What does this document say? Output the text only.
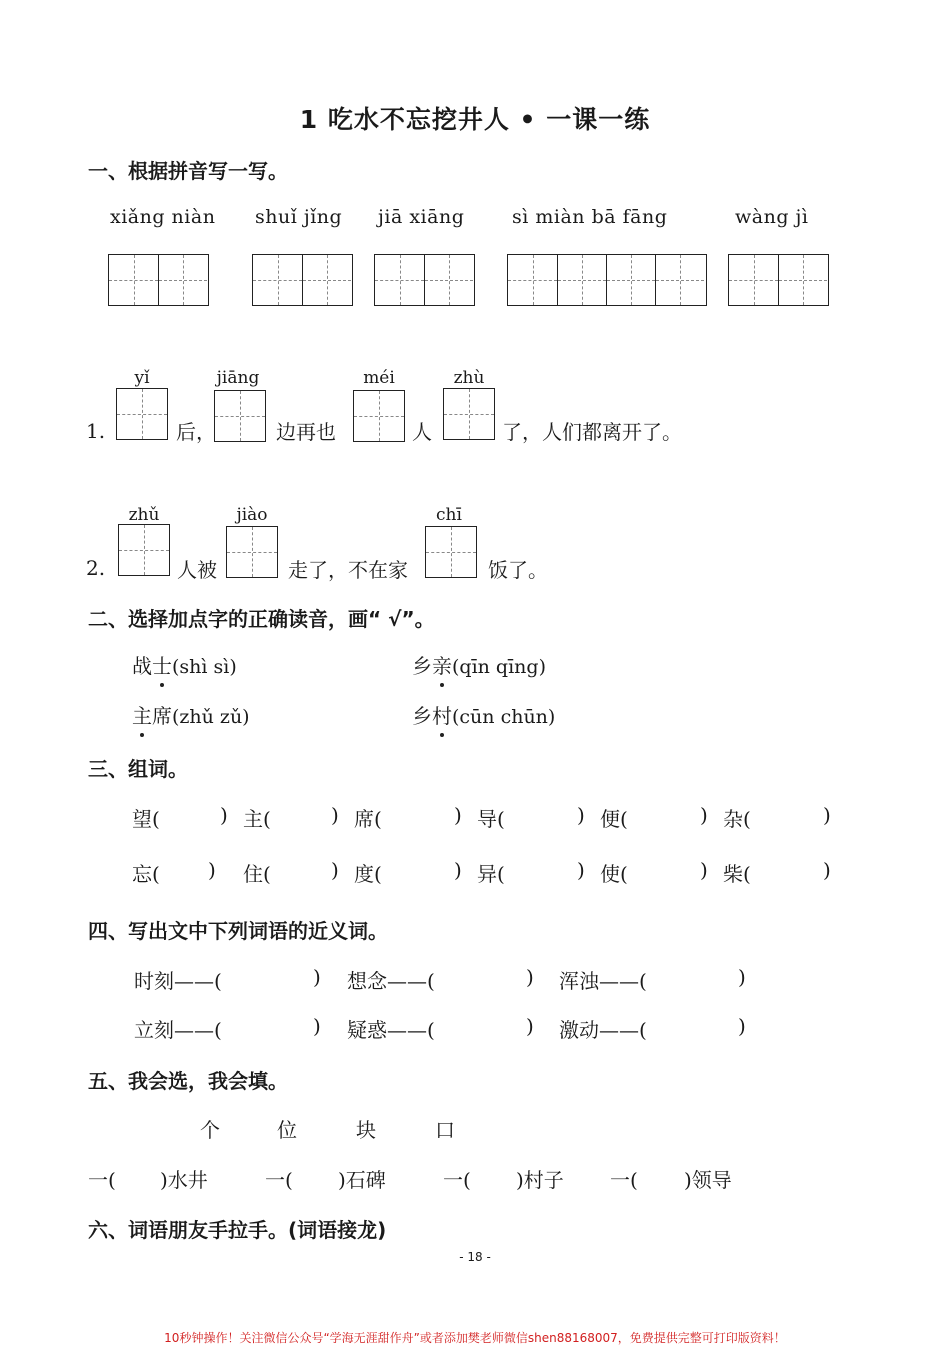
1 吃水不忘挖井人 • 一课一练
一、根据拼音写一写。
xiǎng niàn shuǐ jǐng jiā xiāng	sì miàn bā fāng	wàng jì
1.
yǐ
后，
jiāng
边再也
méi
人
zhù
了，人们都离开了。
2.
zhǔ
人被
jiào
走了，不在家
chī
饭了。
二、选择加点字的正确读音，画“ √”。
战士(shì sì)	乡亲(qīn qīng)
主席(zhǔ zǔ)	乡村(cūn chūn)
三、组词。
望(	) 主(	) 席(	) 导(	) 便(	) 杂(	)
忘( ) 住(	) 度(	) 异(	) 使(	) 柴(	)
四、写出文中下列词语的近义词。
时刻——(	) 想念——(	) 浑浊——(	)
立刻——(	) 疑惑——(	) 激动——(	)
五、我会选，我会填。
个	位	块	口
一( )水井	一( )石碑	一( )村子 一( )领导
六、词语朋友手拉手。(词语接龙)
- 18 -
10秒钟操作！关注微信公众号“学海无涯甜作舟”或者添加樊老师微信shen88168007，免费提供完整可打印版资料！
